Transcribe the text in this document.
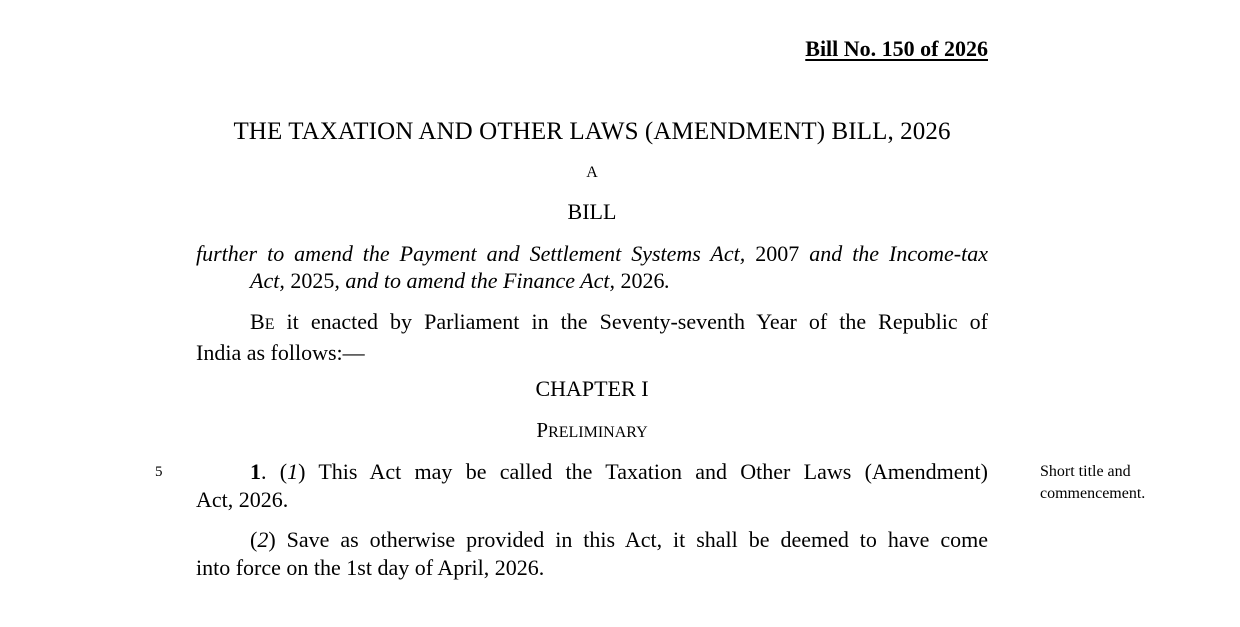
Bill No. 150 of 2026
THE TAXATION AND OTHER LAWS (AMENDMENT) BILL, 2026
A
BILL
further to amend the Payment and Settlement Systems Act, 2007 and the Income-tax
Act, 2025, and to amend the Finance Act, 2026.
BE it enacted by Parliament in the Seventy-seventh Year of the Republic of
India as follows:—
CHAPTER I
PRELIMINARY
5	1. (1) This Act may be called the Taxation and Other Laws (Amendment)
Act, 2026.
(2) Save as otherwise provided in this Act, it shall be deemed to have come
into force on the 1st day of April, 2026.
Short title and
commencement.
